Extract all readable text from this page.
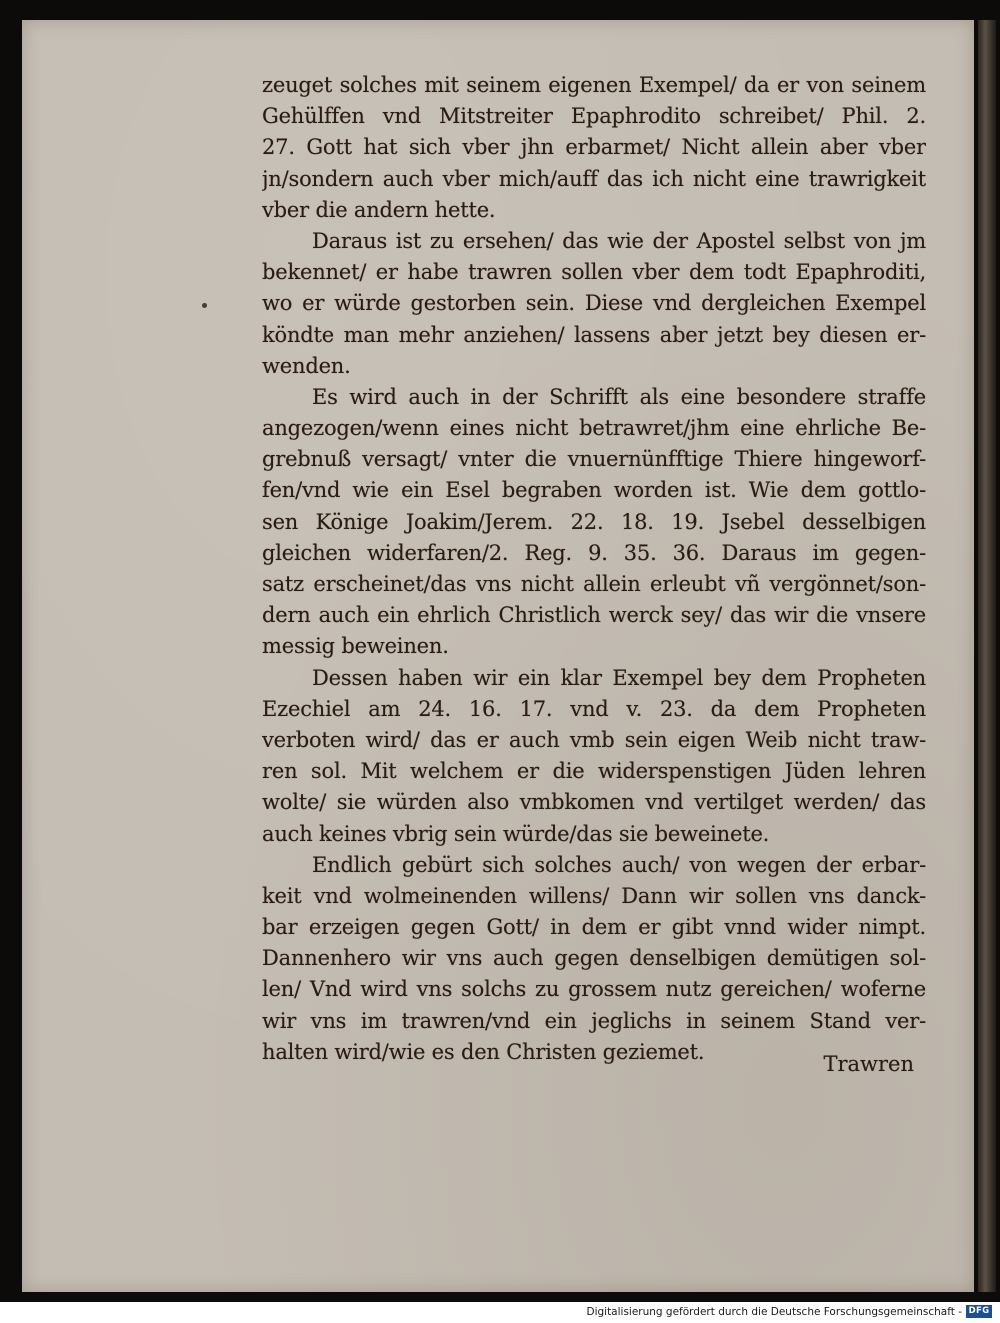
zeuget solches mit seinem eigenen Exempel/ da er von seinem
Gehülffen vnd Mitstreiter Epaphrodito schreibet/ Phil. 2.
27. Gott hat sich vber jhn erbarmet/ Nicht allein aber vber
jn/sondern auch vber mich/auff das ich nicht eine trawrigkeit
vber die andern hette.
Daraus ist zu ersehen/ das wie der Apostel selbst von jm
bekennet/ er habe trawren sollen vber dem todt Epaphroditi,
wo er würde gestorben sein. Diese vnd dergleichen Exempel
köndte man mehr anziehen/ lassens aber jetzt bey diesen er-
wenden.
Es wird auch in der Schrifft als eine besondere straffe
angezogen/wenn eines nicht betrawret/jhm eine ehrliche Be-
grebnuß versagt/ vnter die vnuernünfftige Thiere hingeworf-
fen/vnd wie ein Esel begraben worden ist. Wie dem gottlo-
sen Könige Joakim/Jerem. 22. 18. 19. Jsebel desselbigen
gleichen widerfaren/2. Reg. 9. 35. 36. Daraus im gegen-
satz erscheinet/das vns nicht allein erleubt vñ vergönnet/son-
dern auch ein ehrlich Christlich werck sey/ das wir die vnsere
messig beweinen.
Dessen haben wir ein klar Exempel bey dem Propheten
Ezechiel am 24. 16. 17. vnd v. 23. da dem Propheten
verboten wird/ das er auch vmb sein eigen Weib nicht traw-
ren sol. Mit welchem er die widerspenstigen Jüden lehren
wolte/ sie würden also vmbkomen vnd vertilget werden/ das
auch keines vbrig sein würde/das sie beweinete.
Endlich gebürt sich solches auch/ von wegen der erbar-
keit vnd wolmeinenden willens/ Dann wir sollen vns danck-
bar erzeigen gegen Gott/ in dem er gibt vnnd wider nimpt.
Dannenhero wir vns auch gegen denselbigen demütigen sol-
len/ Vnd wird vns solchs zu grossem nutz gereichen/ woferne
wir vns im trawren/vnd ein jeglichs in seinem Stand ver-
halten wird/wie es den Christen geziemet.
Trawren
Digitalisierung gefördert durch die Deutsche Forschungsgemeinschaft - DFG
